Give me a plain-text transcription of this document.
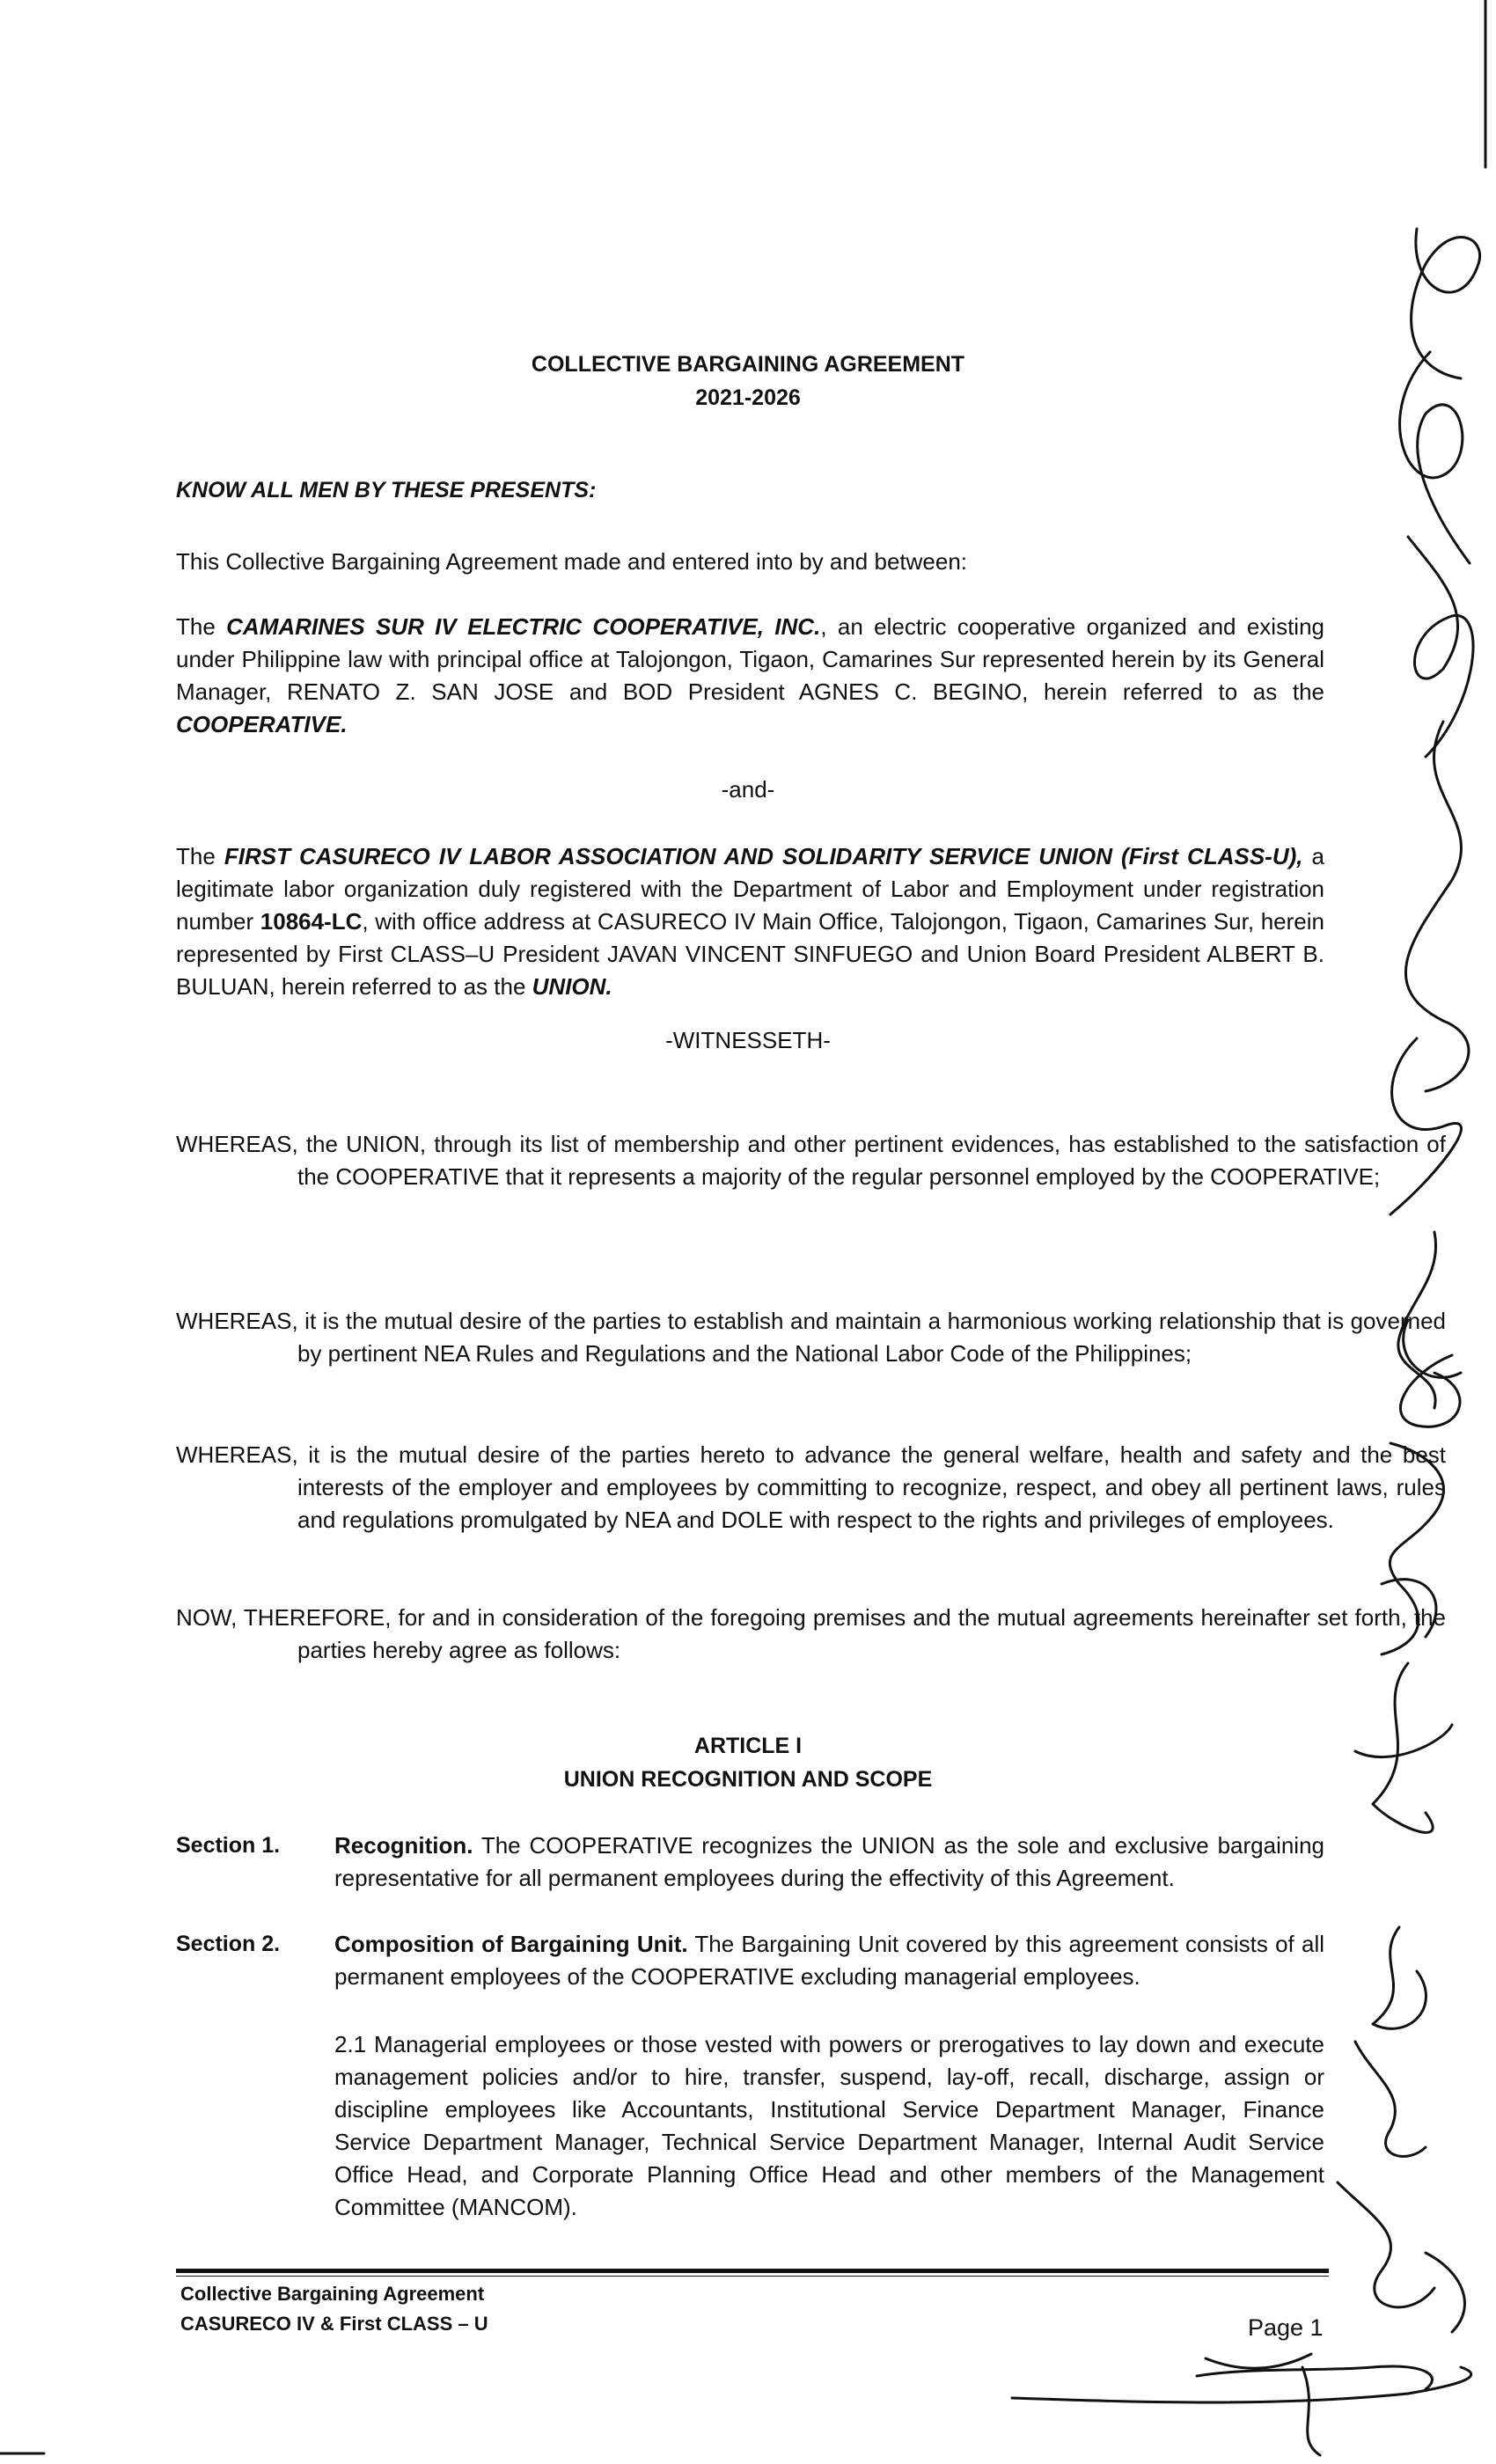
COLLECTIVE BARGAINING AGREEMENT
2021-2026
KNOW ALL MEN BY THESE PRESENTS:
This Collective Bargaining Agreement made and entered into by and between:
The CAMARINES SUR IV ELECTRIC COOPERATIVE, INC., an electric cooperative organized and existing under Philippine law with principal office at Talojongon, Tigaon, Camarines Sur represented herein by its General Manager, RENATO Z. SAN JOSE and BOD President AGNES C. BEGINO, herein referred to as the COOPERATIVE.
-and-
The FIRST CASURECO IV LABOR ASSOCIATION AND SOLIDARITY SERVICE UNION (First CLASS-U), a legitimate labor organization duly registered with the Department of Labor and Employment under registration number 10864-LC, with office address at CASURECO IV Main Office, Talojongon, Tigaon, Camarines Sur, herein represented by First CLASS–U President JAVAN VINCENT SINFUEGO and Union Board President ALBERT B. BULUAN, herein referred to as the UNION.
-WITNESSETH-
WHEREAS, the UNION, through its list of membership and other pertinent evidences, has established to the satisfaction of the COOPERATIVE that it represents a majority of the regular personnel employed by the COOPERATIVE;
WHEREAS, it is the mutual desire of the parties to establish and maintain a harmonious working relationship that is governed by pertinent NEA Rules and Regulations and the National Labor Code of the Philippines;
WHEREAS, it is the mutual desire of the parties hereto to advance the general welfare, health and safety and the best interests of the employer and employees by committing to recognize, respect, and obey all pertinent laws, rules and regulations promulgated by NEA and DOLE with respect to the rights and privileges of employees.
NOW, THEREFORE, for and in consideration of the foregoing premises and the mutual agreements hereinafter set forth, the parties hereby agree as follows:
ARTICLE I
UNION RECOGNITION AND SCOPE
Section 1. Recognition. The COOPERATIVE recognizes the UNION as the sole and exclusive bargaining representative for all permanent employees during the effectivity of this Agreement.
Section 2. Composition of Bargaining Unit. The Bargaining Unit covered by this agreement consists of all permanent employees of the COOPERATIVE excluding managerial employees.
2.1 Managerial employees or those vested with powers or prerogatives to lay down and execute management policies and/or to hire, transfer, suspend, lay-off, recall, discharge, assign or discipline employees like Accountants, Institutional Service Department Manager, Finance Service Department Manager, Technical Service Department Manager, Internal Audit Service Office Head, and Corporate Planning Office Head and other members of the Management Committee (MANCOM).
Collective Bargaining Agreement
CASURECO IV & First CLASS – U	Page 1
